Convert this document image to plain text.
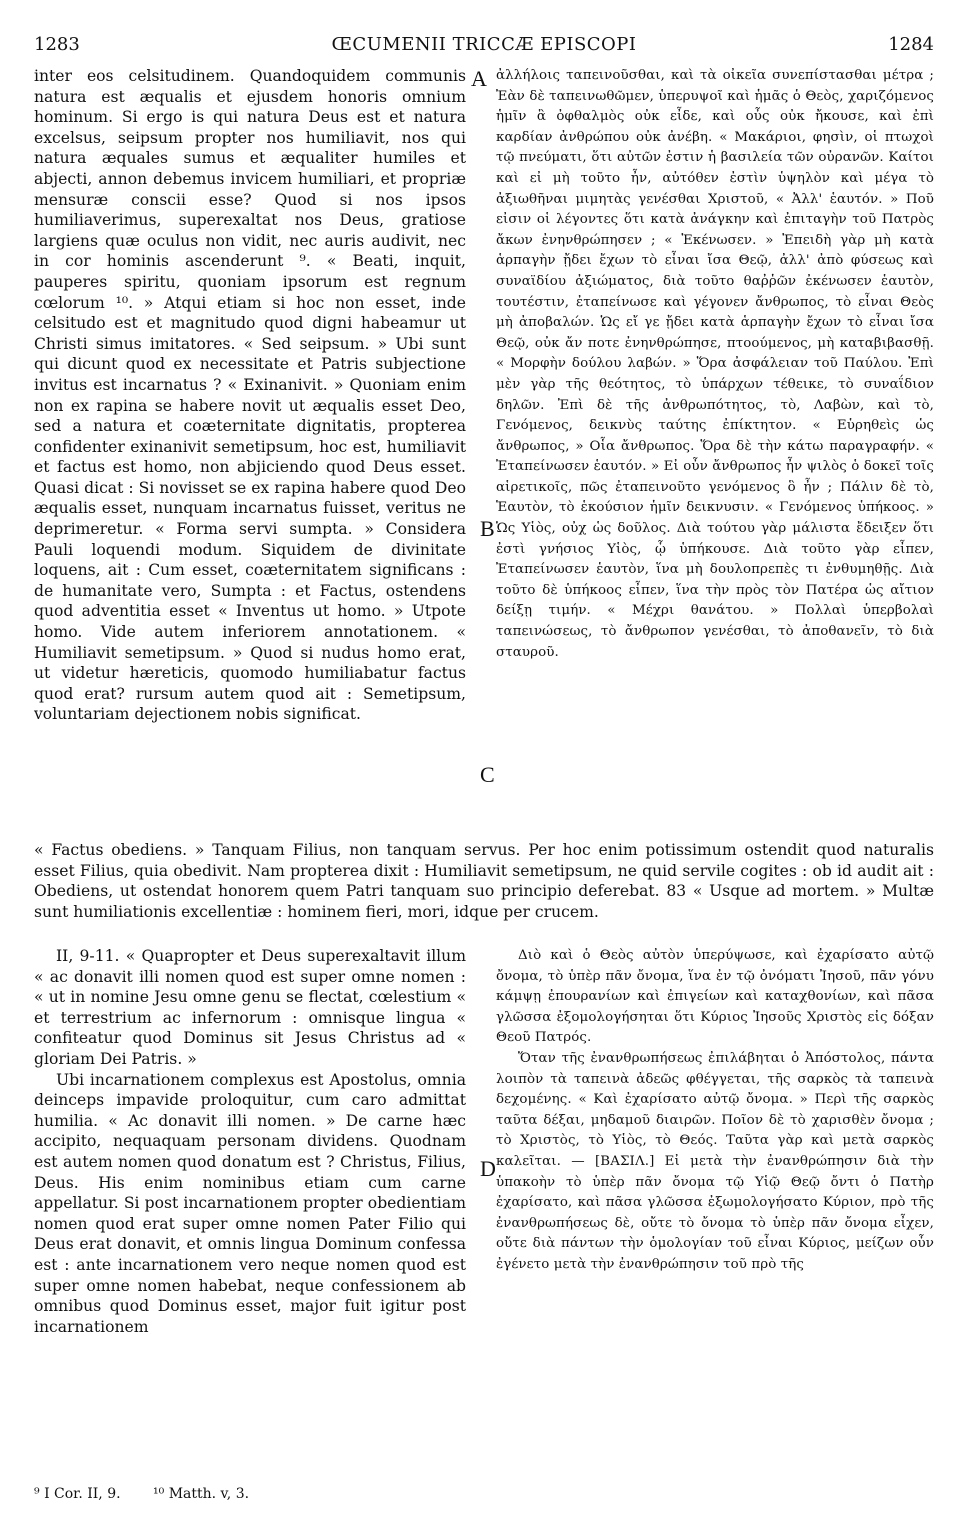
1283	ŒCUMENII TRICCÆ EPISCOPI	1284

inter eos celsitudinem. Quandoquidem communis natura est æqualis et ejusdem honoris omnium hominum. Si ergo is qui natura Deus est et natura excelsus, seipsum propter nos humiliavit, nos qui natura æquales sumus et æqualiter humiles et abjecti, annon debemus invicem humiliari, et propriæ mensuræ conscii esse? Quod si nos ipsos humiliaverimus, superexaltat nos Deus, gratiose largiens quæ oculus non vidit, nec auris audivit, nec in cor hominis ascenderunt ⁹. « Beati, inquit, pauperes spiritu, quoniam ipsorum est regnum cœlorum ¹⁰. » Atqui etiam si hoc non esset, inde celsitudo est et magnitudo quod digni habeamur ut Christi simus imitatores. « Sed seipsum. » Ubi sunt qui dicunt quod ex necessitate et Patris subjectione invitus est incarnatus ? « Exinanivit. » Quoniam enim non ex rapina se habere novit ut æqualis esset Deo, sed a natura et coæternitate dignitatis, propterea confidenter exinanivit semetipsum, hoc est, humiliavit et factus est homo, non abjiciendo quod Deus esset. Quasi dicat : Si novisset se ex rapina habere quod Deo æqualis esset, nunquam incarnatus fuisset, veritus ne deprimeretur. « Forma servi sumpta. » Considera Pauli loquendi modum. Siquidem de divinitate loquens, ait : Cum esset, coæternitatem significans : de humanitate vero, Sumpta : et Factus, ostendens quod adventitia esset « Inventus ut homo. » Utpote homo. Vide autem inferiorem annotationem. « Humiliavit semetipsum. » Quod si nudus homo erat, ut videtur hæreticis, quomodo humiliabatur factus quod erat? rursum autem quod ait : Semetipsum, voluntariam dejectionem nobis significat.

A
B
C

ἀλλήλοις ταπεινοῦσθαι, καὶ τὰ οἰκεῖα συνεπίστασθαι μέτρα ; Ἐὰν δὲ ταπεινωθῶμεν, ὑπερυψοῖ καὶ ἡμᾶς ὁ Θεὸς, χαριζόμενος ἡμῖν ἃ ὀφθαλμὸς οὐκ εἶδε, καὶ οὖς οὐκ ἤκουσε, καὶ ἐπὶ καρδίαν ἀνθρώπου οὐκ ἀνέβη. « Μακάριοι, φησὶν, οἱ πτωχοὶ τῷ πνεύματι, ὅτι αὐτῶν ἐστιν ἡ βασιλεία τῶν οὐρανῶν. Καίτοι καὶ εἰ μὴ τοῦτο ἦν, αὐτόθεν ἐστὶν ὑψηλὸν καὶ μέγα τὸ ἀξιωθῆναι μιμητὰς γενέσθαι Χριστοῦ, « Ἀλλ' ἑαυτόν. » Ποῦ εἰσιν οἱ λέγοντες ὅτι κατὰ ἀνάγκην καὶ ἐπιταγὴν τοῦ Πατρὸς ἄκων ἐνηνθρώπησεν ; « Ἐκένωσεν. » Ἐπειδὴ γὰρ μὴ κατὰ ἁρπαγὴν ᾔδει ἔχων τὸ εἶναι ἴσα Θεῷ, ἀλλ' ἀπὸ φύσεως καὶ συναϊδίου ἀξιώματος, διὰ τοῦτο θαῤῥῶν ἐκένωσεν ἑαυτὸν, τουτέστιν, ἐταπείνωσε καὶ γέγονεν ἄνθρωπος, τὸ εἶναι Θεὸς μὴ ἀποβαλών. Ὡς εἴ γε ᾔδει κατὰ ἁρπαγὴν ἔχων τὸ εἶναι ἴσα Θεῷ, οὐκ ἄν ποτε ἐνηνθρώπησε, πτοούμενος, μὴ καταβιβασθῇ. « Μορφὴν δούλου λαβών. » Ὅρα ἀσφάλειαν τοῦ Παύλου. Ἐπὶ μὲν γὰρ τῆς θεότητος, τὸ ὑπάρχων τέθεικε, τὸ συναΐδιον δηλῶν. Ἐπὶ δὲ τῆς ἀνθρωπότητος, τὸ, Λαβὼν, καὶ τὸ, Γενόμενος, δεικνὺς ταύτης ἐπίκτητον. « Εὑρηθεὶς ὡς ἄνθρωπος, » Οἷα ἄνθρωπος. Ὅρα δὲ τὴν κάτω παραγραφήν. « Ἐταπείνωσεν ἑαυτόν. » Εἰ οὖν ἄνθρωπος ἦν ψιλὸς ὁ δοκεῖ τοῖς αἱρετικοῖς, πῶς ἐταπεινοῦτο γενόμενος ὃ ἦν ; Πάλιν δὲ τὸ, Ἑαυτὸν, τὸ ἑκούσιον ἡμῖν δεικνυσιν. « Γενόμενος ὑπήκοος. » Ὡς Υἱὸς, οὐχ ὡς δοῦλος. Διὰ τούτου γὰρ μάλιστα ἔδειξεν ὅτι ἐστὶ γνήσιος Υἱὸς, ᾧ ὑπήκουσε. Διὰ τοῦτο γὰρ εἶπεν, Ἐταπείνωσεν ἑαυτὸν, ἵνα μὴ δουλοπρεπὲς τι ἐνθυμηθῇς. Διὰ τοῦτο δὲ ὑπήκοος εἶπεν, ἵνα τὴν πρὸς τὸν Πατέρα ὡς αἴτιον δείξῃ τιμήν. « Μέχρι θανάτου. » Πολλαὶ ὑπερβολαὶ ταπεινώσεως, τὸ ἄνθρωπον γενέσθαι, τὸ ἀποθανεῖν, τὸ διὰ σταυροῦ.

« Factus obediens. » Tanquam Filius, non tanquam servus. Per hoc enim potissimum ostendit quod naturalis esset Filius, quia obedivit. Nam propterea dixit : Humiliavit semetipsum, ne quid servile cogites : ob id audit ait : Obediens, ut ostendat honorem quem Patri tanquam suo principio deferebat. 83 « Usque ad mortem. » Multæ sunt humiliationis excellentiæ : hominem fieri, mori, idque per crucem.

II, 9-11. « Quapropter et Deus superexaltavit illum « ac donavit illi nomen quod est super omne nomen : « ut in nomine Jesu omne genu se flectat, cœlestium « et terrestrium ac infernorum : omnisque lingua « confiteatur quod Dominus sit Jesus Christus ad « gloriam Dei Patris. »

Ubi incarnationem complexus est Apostolus, omnia deinceps impavide proloquitur, cum caro admittat humilia. « Ac donavit illi nomen. » De carne hæc accipito, nequaquam personam dividens. Quodnam est autem nomen quod donatum est ? Christus, Filius, Deus. His enim nominibus etiam cum carne appellatur. Si post incarnationem propter obedientiam nomen quod erat super omne nomen Pater Filio qui Deus erat donavit, et omnis lingua Dominum confessa est : ante incarnationem vero neque nomen quod est super omne nomen habebat, neque confessionem ab omnibus quod Dominus esset, major fuit igitur post incarnationem

D

Διὸ καὶ ὁ Θεὸς αὐτὸν ὑπερύψωσε, καὶ ἐχαρίσατο αὐτῷ ὄνομα, τὸ ὑπὲρ πᾶν ὄνομα, ἵνα ἐν τῷ ὀνόματι Ἰησοῦ, πᾶν γόνυ κάμψῃ ἐπουρανίων καὶ ἐπιγείων καὶ καταχθονίων, καὶ πᾶσα γλῶσσα ἐξομολογήσηται ὅτι Κύριος Ἰησοῦς Χριστὸς εἰς δόξαν Θεοῦ Πατρός.

Ὅταν τῆς ἐνανθρωπήσεως ἐπιλάβηται ὁ Ἀπόστολος, πάντα λοιπὸν τὰ ταπεινὰ ἀδεῶς φθέγγεται, τῆς σαρκὸς τὰ ταπεινὰ δεχομένης. « Καὶ ἐχαρίσατο αὐτῷ ὄνομα. » Περὶ τῆς σαρκὸς ταῦτα δέξαι, μηδαμοῦ διαιρῶν. Ποῖον δὲ τὸ χαρισθὲν ὄνομα ; τὸ Χριστὸς, τὸ Υἱὸς, τὸ Θεός. Ταῦτα γὰρ καὶ μετὰ σαρκὸς καλεῖται. — [ΒΑΣΙΛ.] Εἰ μετὰ τὴν ἐνανθρώπησιν διὰ τὴν ὑπακοὴν τὸ ὑπὲρ πᾶν ὄνομα τῷ Υἱῷ Θεῷ ὄντι ὁ Πατὴρ ἐχαρίσατο, καὶ πᾶσα γλῶσσα ἐξωμολογήσατο Κύριον, πρὸ τῆς ἐνανθρωπήσεως δὲ, οὔτε τὸ ὄνομα τὸ ὑπὲρ πᾶν ὄνομα εἶχεν, οὔτε διὰ πάντων τὴν ὁμολογίαν τοῦ εἶναι Κύριος, μείζων οὖν ἐγένετο μετὰ τὴν ἐνανθρώπησιν τοῦ πρὸ τῆς

⁹ I Cor. II, 9. ¹⁰ Matth. v, 3.
